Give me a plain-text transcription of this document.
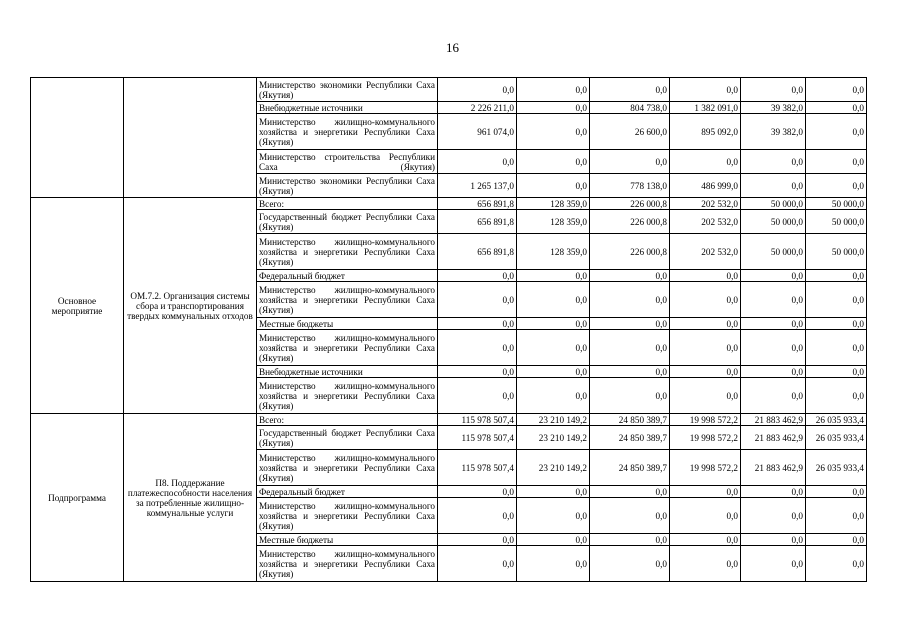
16
		Министерство экономики Республики Саха (Якутия)	0,0	0,0	0,0	0,0	0,0	0,0
		Внебюджетные источники	2 226 211,0	0,0	804 738,0	1 382 091,0	39 382,0	0,0
		Министерство жилищно-коммунального хозяйства и энергетики Республики Саха (Якутия)	961 074,0	0,0	26 600,0	895 092,0	39 382,0	0,0
		Министерство строительства Республики Саха (Якутия)	0,0	0,0	0,0	0,0	0,0	0,0
		Министерство экономики Республики Саха (Якутия)	1 265 137,0	0,0	778 138,0	486 999,0	0,0	0,0
Основное мероприятие	ОМ.7.2. Организация системы сбора и транспортирования твердых коммунальных отходов	Всего:	656 891,8	128 359,0	226 000,8	202 532,0	50 000,0	50 000,0
		Государственный бюджет Республики Саха (Якутия)	656 891,8	128 359,0	226 000,8	202 532,0	50 000,0	50 000,0
		Министерство жилищно-коммунального хозяйства и энергетики Республики Саха (Якутия)	656 891,8	128 359,0	226 000,8	202 532,0	50 000,0	50 000,0
		Федеральный бюджет	0,0	0,0	0,0	0,0	0,0	0,0
		Министерство жилищно-коммунального хозяйства и энергетики Республики Саха (Якутия)	0,0	0,0	0,0	0,0	0,0	0,0
		Местные бюджеты	0,0	0,0	0,0	0,0	0,0	0,0
		Министерство жилищно-коммунального хозяйства и энергетики Республики Саха (Якутия)	0,0	0,0	0,0	0,0	0,0	0,0
		Внебюджетные источники	0,0	0,0	0,0	0,0	0,0	0,0
		Министерство жилищно-коммунального хозяйства и энергетики Республики Саха (Якутия)	0,0	0,0	0,0	0,0	0,0	0,0
Подпрограмма	П8. Поддержание платежеспособности населения за потребленные жилищно-коммунальные услуги	Всего:	115 978 507,4	23 210 149,2	24 850 389,7	19 998 572,2	21 883 462,9	26 035 933,4
		Государственный бюджет Республики Саха (Якутия)	115 978 507,4	23 210 149,2	24 850 389,7	19 998 572,2	21 883 462,9	26 035 933,4
		Министерство жилищно-коммунального хозяйства и энергетики Республики Саха (Якутия)	115 978 507,4	23 210 149,2	24 850 389,7	19 998 572,2	21 883 462,9	26 035 933,4
		Федеральный бюджет	0,0	0,0	0,0	0,0	0,0	0,0
		Министерство жилищно-коммунального хозяйства и энергетики Республики Саха (Якутия)	0,0	0,0	0,0	0,0	0,0	0,0
		Местные бюджеты	0,0	0,0	0,0	0,0	0,0	0,0
		Министерство жилищно-коммунального хозяйства и энергетики Республики Саха (Якутия)	0,0	0,0	0,0	0,0	0,0	0,0
